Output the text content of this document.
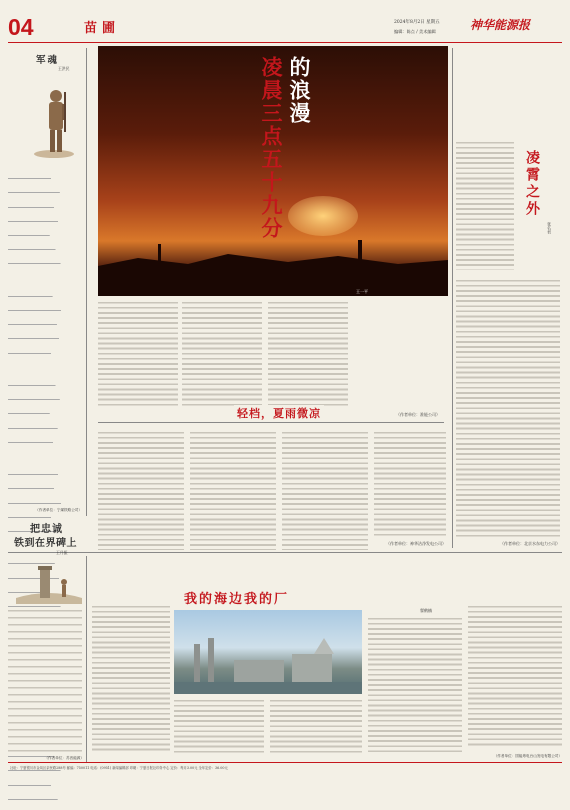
04	苗圃	2024年8月2日 星期五
编辑：陈点 / 美术编辑	神华能源报
军魂
王洪民

（作者单位：宁煤铁路公司）
凌晨三点五十九分 的浪漫
王一平
（作者单位：准能公司）
轻档，夏雨微凉
（作者单位：神华洁净发电公司）
凌霄之外
张名君
（作者单位：北京水东电力公司）
把忠诚
铁到在界碑上
王月振
（作者单位：苏晋能源）
我的海边我的厂
翟鹤楠
（作者单位：国能粤电台山发电有限公司）
社址：宁夏银川市金凤区亲民路288号 邮编：750011 电话：(0951) 新闻编辑部 印刷：宁夏日报社印务中心 定价：每月3.00元 全年定价：36.00元
